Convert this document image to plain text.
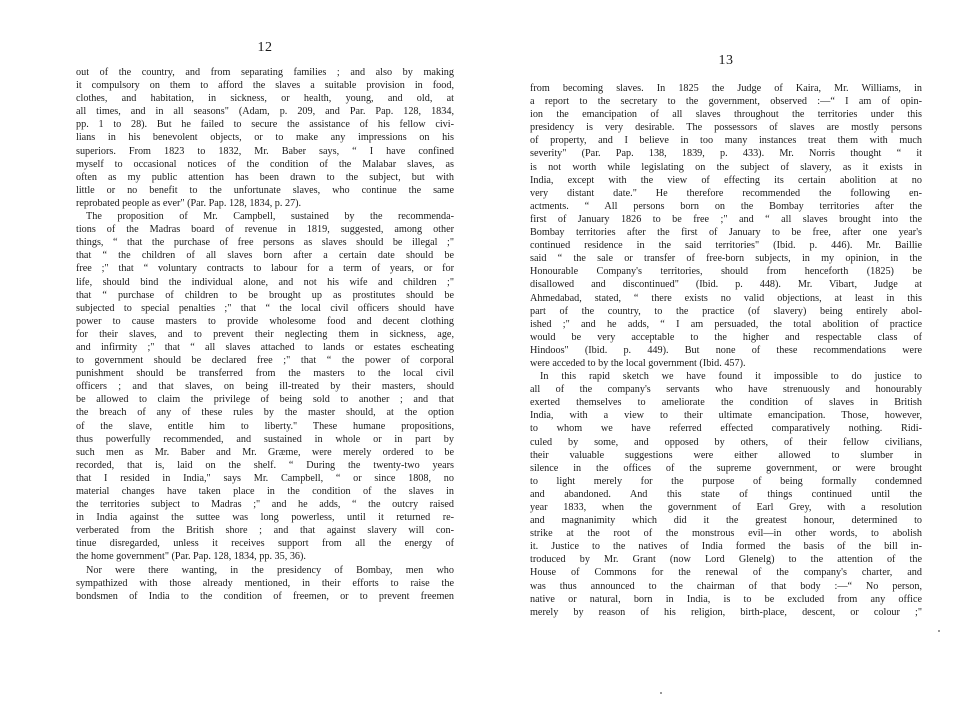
12
out of the country, and from separating families ; and also by making
it compulsory on them to afford the slaves a suitable provision in food,
clothes, and habitation, in sickness, or health, young, and old, at
all times, and in all seasons" (Adam, p. 209, and Par. Pap. 128, 1834,
pp. 1 to 28). But he failed to secure the assistance of his fellow civi-
lians in his benevolent objects, or to make any impressions on his
superiors. From 1823 to 1832, Mr. Baber says, “ I have confined
myself to occasional notices of the condition of the Malabar slaves, as
often as my public attention has been drawn to the subject, but with
little or no benefit to the unfortunate slaves, who continue the same
reprobated people as ever" (Par. Pap. 128, 1834, p. 27).
The proposition of Mr. Campbell, sustained by the recommenda-
tions of the Madras board of revenue in 1819, suggested, among other
things, “ that the purchase of free persons as slaves should be illegal ;"
that “ the children of all slaves born after a certain date should be
free ;" that “ voluntary contracts to labour for a term of years, or for
life, should bind the individual alone, and not his wife and children ;"
that “ purchase of children to be brought up as prostitutes should be
subjected to special penalties ;" that “ the local civil officers should have
power to cause masters to provide wholesome food and decent clothing
for their slaves, and to prevent their neglecting them in sickness, age,
and infirmity ;" that “ all slaves attached to lands or estates escheating
to government should be declared free ;" that “ the power of corporal
punishment should be transferred from the masters to the local civil
officers ; and that slaves, on being ill-treated by their masters, should
be allowed to claim the privilege of being sold to another ; and that
the breach of any of these rules by the master should, at the option
of the slave, entitle him to liberty." These humane propositions,
thus powerfully recommended, and sustained in whole or in part by
such men as Mr. Baber and Mr. Græme, were merely ordered to be
recorded, that is, laid on the shelf. “ During the twenty-two years
that I resided in India," says Mr. Campbell, “ or since 1808, no
material changes have taken place in the condition of the slaves in
the territories subject to Madras ;" and he adds, “ the outcry raised
in India against the suttee was long powerless, until it returned re-
verberated from the British shore ; and that against slavery will con-
tinue disregarded, unless it receives support from all the energy of
the home government" (Par. Pap. 128, 1834, pp. 35, 36).
Nor were there wanting, in the presidency of Bombay, men who
sympathized with those already mentioned, in their efforts to raise the
bondsmen of India to the condition of freemen, or to prevent freemen
13
from becoming slaves. In 1825 the Judge of Kaira, Mr. Williams, in
a report to the secretary to the government, observed :—“ I am of opin-
ion the emancipation of all slaves throughout the territories under this
presidency is very desirable. The possessors of slaves are mostly persons
of property, and I believe in too many instances treat them with much
severity" (Par. Pap. 138, 1839, p. 433). Mr. Norris thought “ it
is not worth while legislating on the subject of slavery, as it exists in
India, except with the view of effecting its certain abolition at no
very distant date." He therefore recommended the following en-
actments. “ All persons born on the Bombay territories after the
first of January 1826 to be free ;" and “ all slaves brought into the
Bombay territories after the first of January to be free, after one year's
continued residence in the said territories" (Ibid. p. 446). Mr. Baillie
said “ the sale or transfer of free-born subjects, in my opinion, in the
Honourable Company's territories, should from henceforth (1825) be
disallowed and discontinued" (Ibid. p. 448). Mr. Vibart, Judge at
Ahmedabad, stated, “ there exists no valid objections, at least in this
part of the country, to the practice (of slavery) being entirely abol-
ished ;" and he adds, “ I am persuaded, the total abolition of practice
would be very acceptable to the higher and respectable class of
Hindoos" (Ibid. p. 449). But none of these recommendations were
were acceded to by the local government (Ibid. 457).
In this rapid sketch we have found it impossible to do justice to
all of the company's servants who have strenuously and honourably
exerted themselves to ameliorate the condition of slaves in British
India, with a view to their ultimate emancipation. Those, however,
to whom we have referred effected comparatively nothing. Ridi-
culed by some, and opposed by others, of their fellow civilians,
their valuable suggestions were either allowed to slumber in
silence in the offices of the supreme government, or were brought
to light merely for the purpose of being formally condemned
and abandoned. And this state of things continued until the
year 1833, when the government of Earl Grey, with a resolution
and magnanimity which did it the greatest honour, determined to
strike at the root of the monstrous evil—in other words, to abolish
it. Justice to the natives of India formed the basis of the bill in-
troduced by Mr. Grant (now Lord Glenelg) to the attention of the
House of Commons for the renewal of the company's charter, and
was thus announced to the chairman of that body :—“ No person,
native or natural, born in India, is to be excluded from any office
merely by reason of his religion, birth-place, descent, or colour ;"
